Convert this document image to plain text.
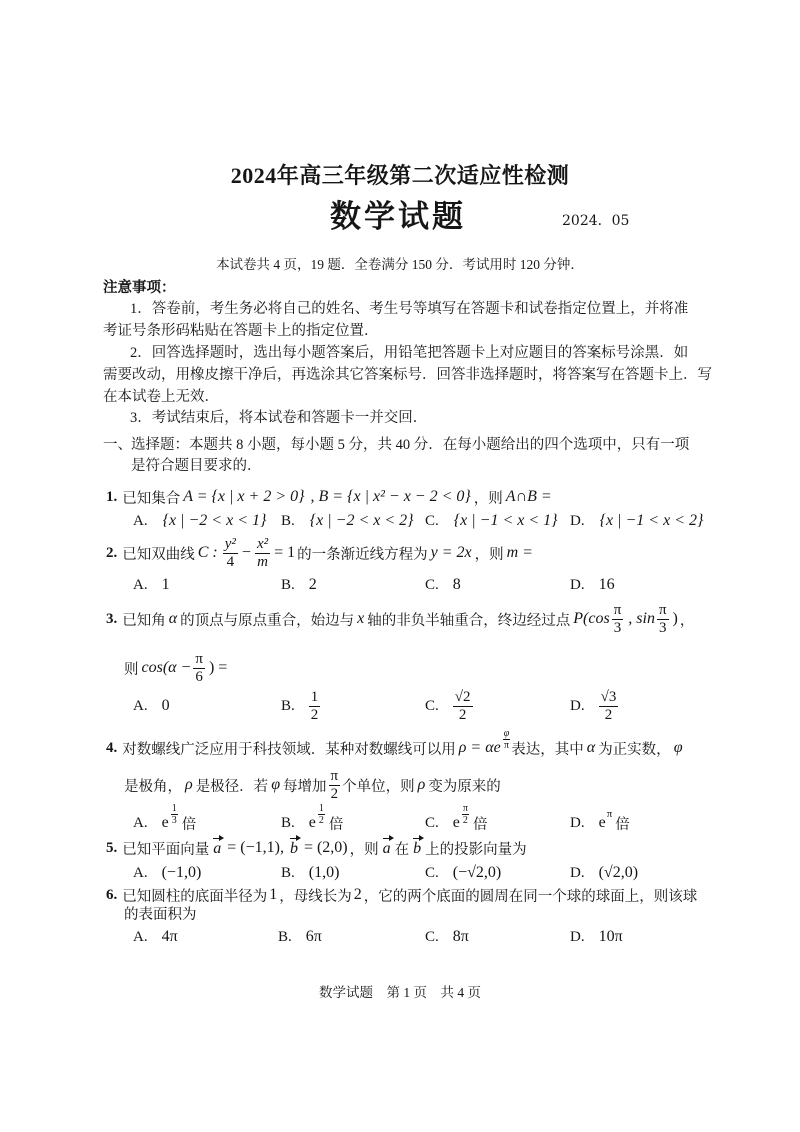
2024年高三年级第二次适应性检测
数学试题	2024．05
本试卷共 4 页，19 题．全卷满分 150 分．考试用时 120 分钟．
注意事项：
1．答卷前，考生务必将自己的姓名、考生号等填写在答题卡和试卷指定位置上，并将准
考证号条形码粘贴在答题卡上的指定位置．
2．回答选择题时，选出每小题答案后，用铅笔把答题卡上对应题目的答案标号涂黑．如
需要改动，用橡皮擦干净后，再选涂其它答案标号．回答非选择题时，将答案写在答题卡上．写
在本试卷上无效．
3．考试结束后，将本试卷和答题卡一并交回．
一、 选择题：本题共 8 小题，每小题 5 分，共 40 分．在每小题给出的四个选项中，只有一项
是符合题目要求的．
1. 已知集合 A = {x | x + 2 > 0} , B = {x | x² − x − 2 < 0} ，则 A∩B =
A. {x | −2 < x < 1} B. {x | −2 < x < 2} C. {x | −1 < x < 1} D. {x | −1 < x < 2}
2. 已知双曲线 C : $\frac{\text{y²}}{4} - \frac{\text{x²}}{m} = 1$ 的一条渐近线方程为 y = 2x ，则 m =
A. 1	B. 2	C. 8	D. 16
3. 已知角 α 的顶点与原点重合，始边与 x 轴的非负半轴重合，终边经过点 $P(\cos \frac{\pi}{3}$ , $\sin \frac{\pi}{3}$ ) ，
则 $\cos(\alpha - \frac{\pi}{6}$ ) =
A. 0	B. $\frac{1}{2}$	C. $\frac{√2}{2}$	D. $\frac{√3}{2}$
4. 对数螺线广泛应用于科技领域．某种对数螺线可以用 ρ = αe $\frac{\varphi}{\pi}$ 表达，其中 α 为正实数， φ
是极角， ρ 是极径．若 φ 每增加 $\frac{\pi}{2}$ 个单位，则 ρ 变为原来的
A. e $\frac{1}{3}$ 倍	B. e $\frac{1}{2}$ 倍	C. e $\frac{\pi}{2}$ 倍	D. e π
倍
5. 已知平面向量 a = (−1,1), b = (2,0) ，则 a 在 b 上的投影向量为
A. (−1,0)	B. (1,0)	C. (−√2,0)	D. (√2,0)
6. 已知圆柱的底面半径为 1 ，母线长为 2 ，它的两个底面的圆周在同一个球的球面上，则该球
的表面积为
A. 4π	B. 6π	C. 8π	D. 10π
数学试题　第 1 页　共 4 页
